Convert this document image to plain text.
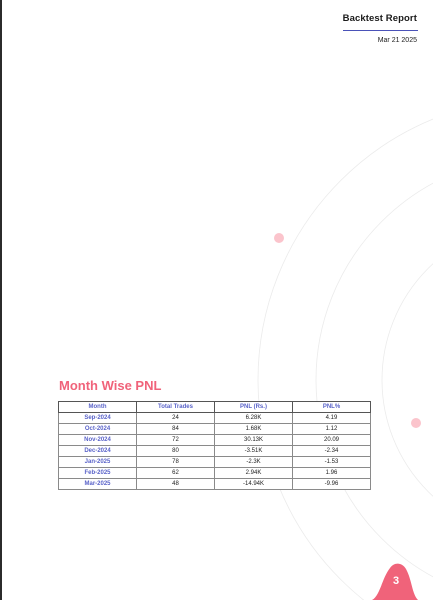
Backtest Report
Mar 21 2025
Month Wise PNL
Month	Total Trades	PNL (Rs.)	PNL%
Sep-2024	24	6.28K	4.19
Oct-2024	84	1.68K	1.12
Nov-2024	72	30.13K	20.09
Dec-2024	80	-3.51K	-2.34
Jan-2025	78	-2.3K	-1.53
Feb-2025	62	2.94K	1.96
Mar-2025	48	-14.94K	-9.96
3
